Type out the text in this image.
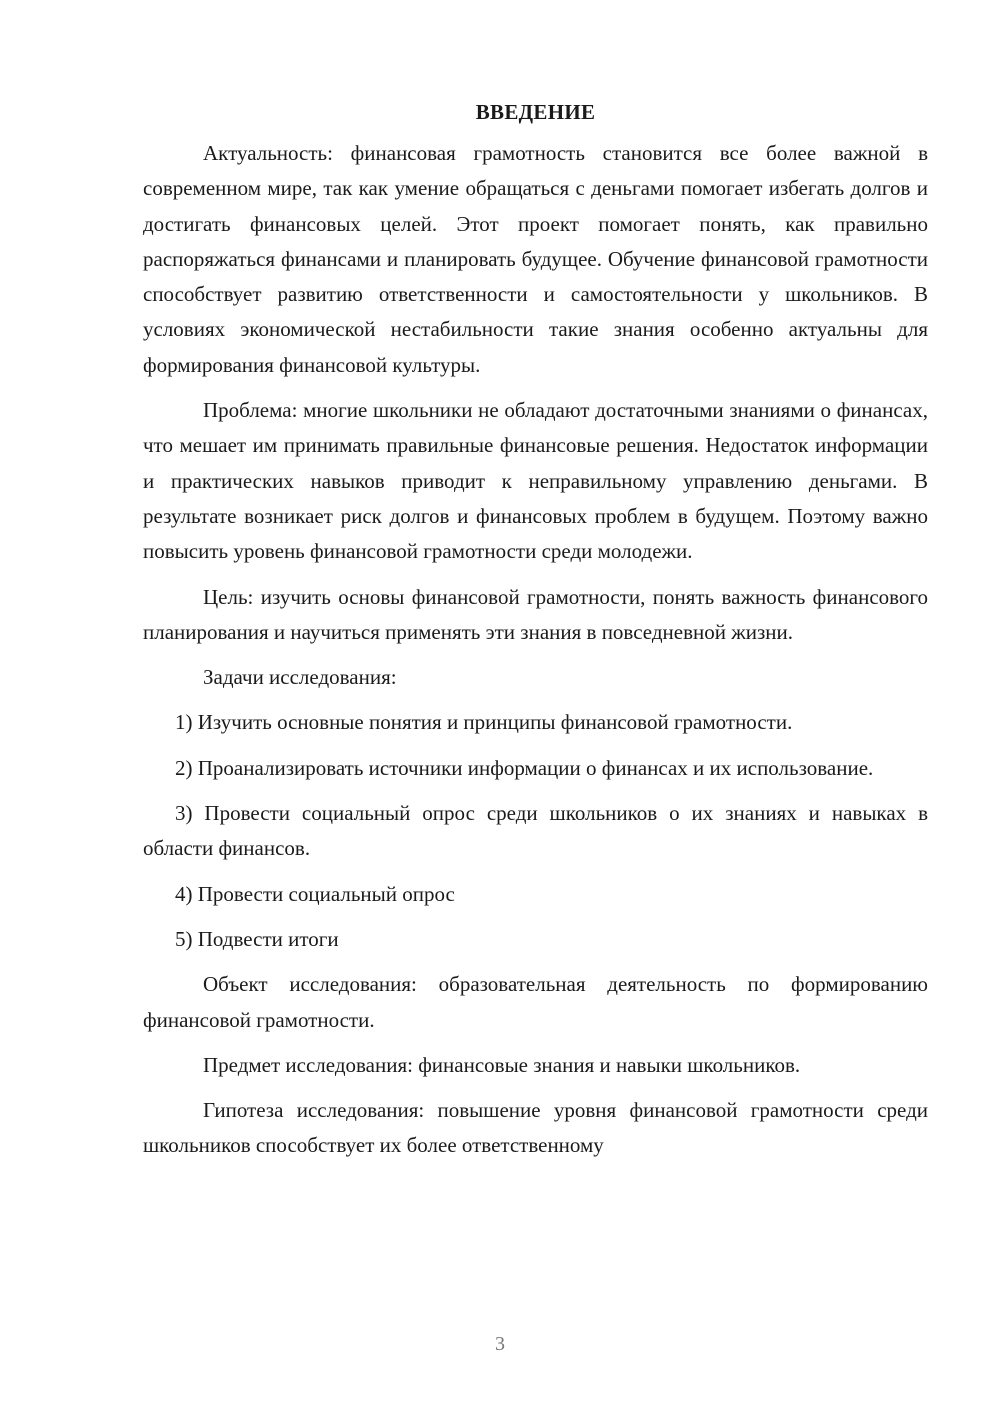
ВВЕДЕНИЕ

Актуальность: финансовая грамотность становится все более важной в современном мире, так как умение обращаться с деньгами помогает избегать долгов и достигать финансовых целей. Этот проект помогает понять, как правильно распоряжаться финансами и планировать будущее. Обучение финансовой грамотности способствует развитию ответственности и самостоятельности у школьников. В условиях экономической нестабильности такие знания особенно актуальны для формирования финансовой культуры.

Проблема: многие школьники не обладают достаточными знаниями о финансах, что мешает им принимать правильные финансовые решения. Недостаток информации и практических навыков приводит к неправильному управлению деньгами. В результате возникает риск долгов и финансовых проблем в будущем. Поэтому важно повысить уровень финансовой грамотности среди молодежи.

Цель: изучить основы финансовой грамотности, понять важность финансового планирования и научиться применять эти знания в повседневной жизни.

Задачи исследования:

1) Изучить основные понятия и принципы финансовой грамотности.

2) Проанализировать источники информации о финансах и их использование.

3) Провести социальный опрос среди школьников о их знаниях и навыках в области финансов.

4) Провести социальный опрос

5) Подвести итоги

Объект исследования: образовательная деятельность по формированию финансовой грамотности.

Предмет исследования: финансовые знания и навыки школьников.

Гипотеза исследования: повышение уровня финансовой грамотности среди школьников способствует их более ответственному

3
